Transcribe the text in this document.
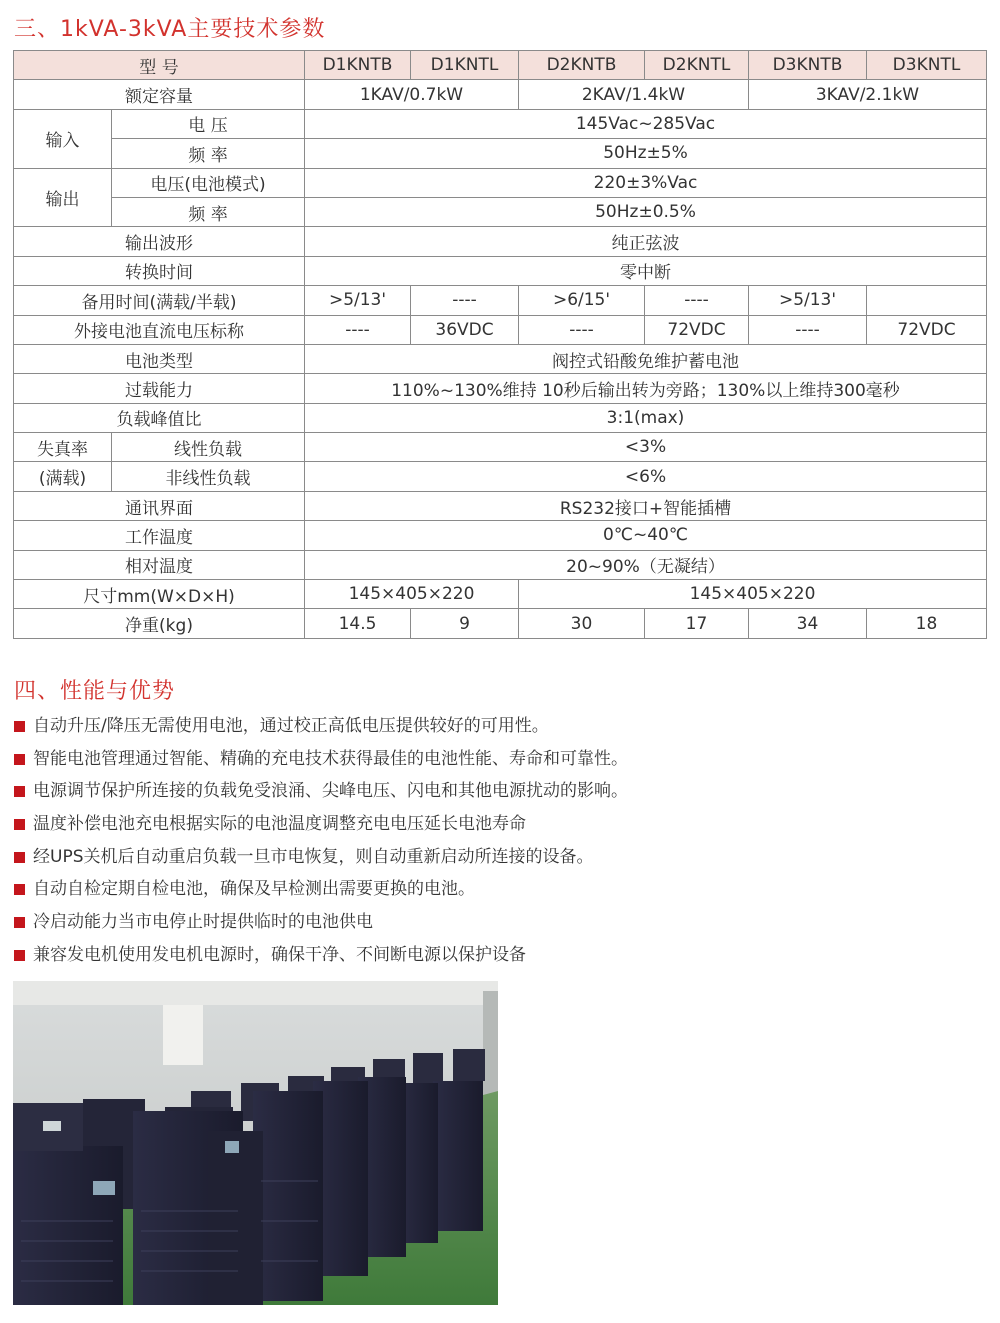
三、1kVA-3kVA主要技术参数
型 号		D1KNTB	D1KNTL	D2KNTB	D2KNTL	D3KNTB	D3KNTL
额定容量		1KAV/0.7kW		2KAV/1.4kW		3KAV/2.1kW	
输入	电 压	145Vac~285Vac					
	频 率	50Hz±5%					
输出	电压(电池模式)	220±3%Vac					
	频 率	50Hz±0.5%					
输出波形		纯正弦波					
转换时间		零中断					
备用时间(满载/半载)		>5/13'	----	>6/15'	----	>5/13'	
外接电池直流电压标称		----	36VDC	----	72VDC	----	72VDC
电池类型		阀控式铅酸免维护蓄电池					
过载能力		110%~130%维持 10秒后输出转为旁路；130%以上维持300毫秒					
负载峰值比		3:1(max)					
失真率	线性负载	<3%					
(满载)	非线性负载	<6%					
通讯界面		RS232接口+智能插槽					
工作温度		0℃~40℃					
相对温度		20~90%（无凝结）					
尺寸mm(W×D×H)		145×405×220		145×405×220			
净重(kg)		14.5	9	30	17	34	18
四、性能与优势
自动升压/降压无需使用电池，通过校正高低电压提供较好的可用性。
智能电池管理通过智能、精确的充电技术获得最佳的电池性能、寿命和可靠性。
电源调节保护所连接的负载免受浪涌、尖峰电压、闪电和其他电源扰动的影响。
温度补偿电池充电根据实际的电池温度调整充电电压延长电池寿命
经UPS关机后自动重启负载一旦市电恢复，则自动重新启动所连接的设备。
自动自检定期自检电池，确保及早检测出需要更换的电池。
冷启动能力当市电停止时提供临时的电池供电
兼容发电机使用发电机电源时，确保干净、不间断电源以保护设备
